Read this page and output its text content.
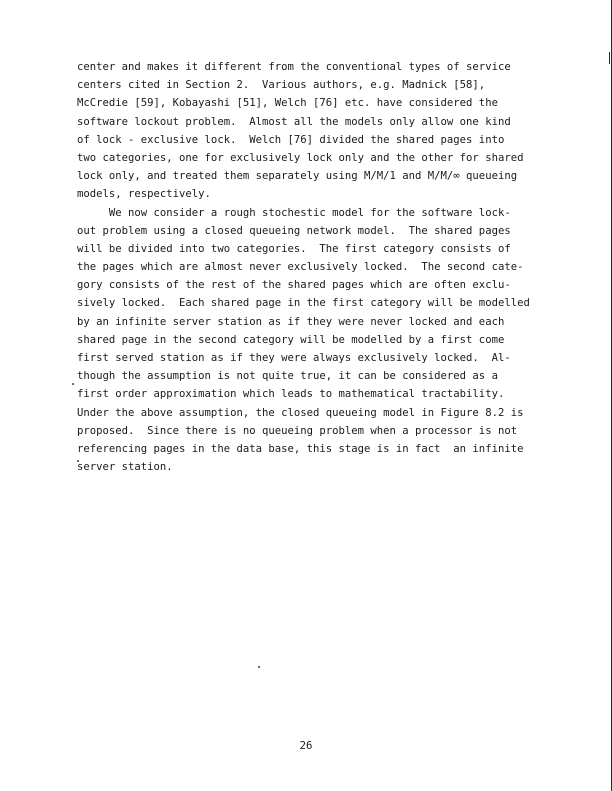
center and makes it different from the conventional types of service
centers cited in Section 2.  Various authors, e.g. Madnick [58],
McCredie [59], Kobayashi [51], Welch [76] etc. have considered the
software lockout problem.  Almost all the models only allow one kind
of lock - exclusive lock.  Welch [76] divided the shared pages into
two categories, one for exclusively lock only and the other for shared
lock only, and treated them separately using M/M/1 and M/M/∞ queueing
models, respectively.
We now consider a rough stochestic model for the software lock-
out problem using a closed queueing network model.  The shared pages
will be divided into two categories.  The first category consists of
the pages which are almost never exclusively locked.  The second cate-
gory consists of the rest of the shared pages which are often exclu-
sively locked.  Each shared page in the first category will be modelled
by an infinite server station as if they were never locked and each
shared page in the second category will be modelled by a first come
first served station as if they were always exclusively locked.  Al-
though the assumption is not quite true, it can be considered as a
first order approximation which leads to mathematical tractability.
Under the above assumption, the closed queueing model in Figure 8.2 is
proposed.  Since there is no queueing problem when a processor is not
referencing pages in the data base, this stage is in fact  an infinite
server station.
26
